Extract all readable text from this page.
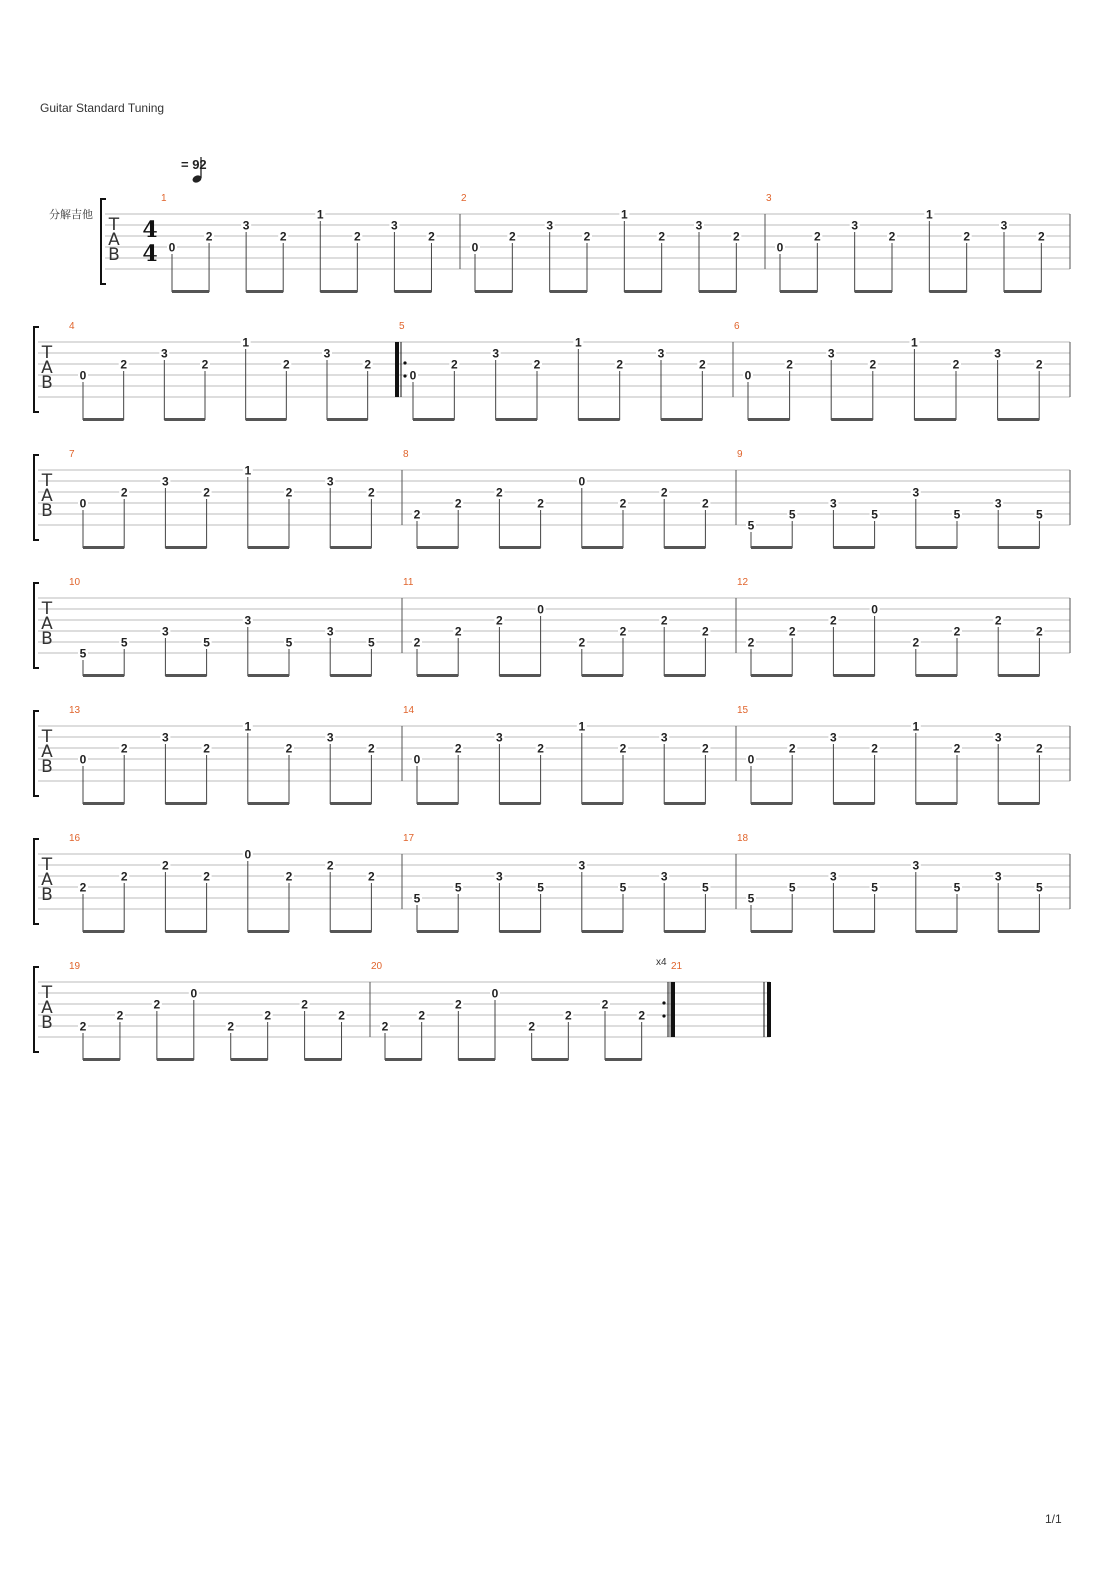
Guitar Standard Tuning
= 92
分解吉他 T
A
B
4
4
1
0
2
3
2
1
2
3
2
2
0
2
3
2
1
2
3
2
3
0
2
3
2
1
2
3
2
T
A
B
4
0
2
3
2
1
2
3
2
5
0
2
3
2
1
2
3
2
6
0
2
3
2
1
2
3
2
T
A
B
7
0
2
3
2
1
2
3
2
8
2
2
2
2
0
2
2
2
9
5
5
3
5
3
5
3
5
T
A
B
10
5
5
3
5
3
5
3
5
11
2
2
2
0
2
2
2
2
12
2
2
2
0
2
2
2
2
T
A
B
13
0
2
3
2
1
2
3
2
14
0
2
3
2
1
2
3
2
15
0
2
3
2
1
2
3
2
T
A
B
16
2
2
2
2
0
2
2
2
17
5
5
3
5
3
5
3
5
18
5
5
3
5
3
5
3
5
T
A
B
19
2
2
2
0
2
2
2
2
20	x4
2
2
2
0
2
2
2
2
21
1/1
